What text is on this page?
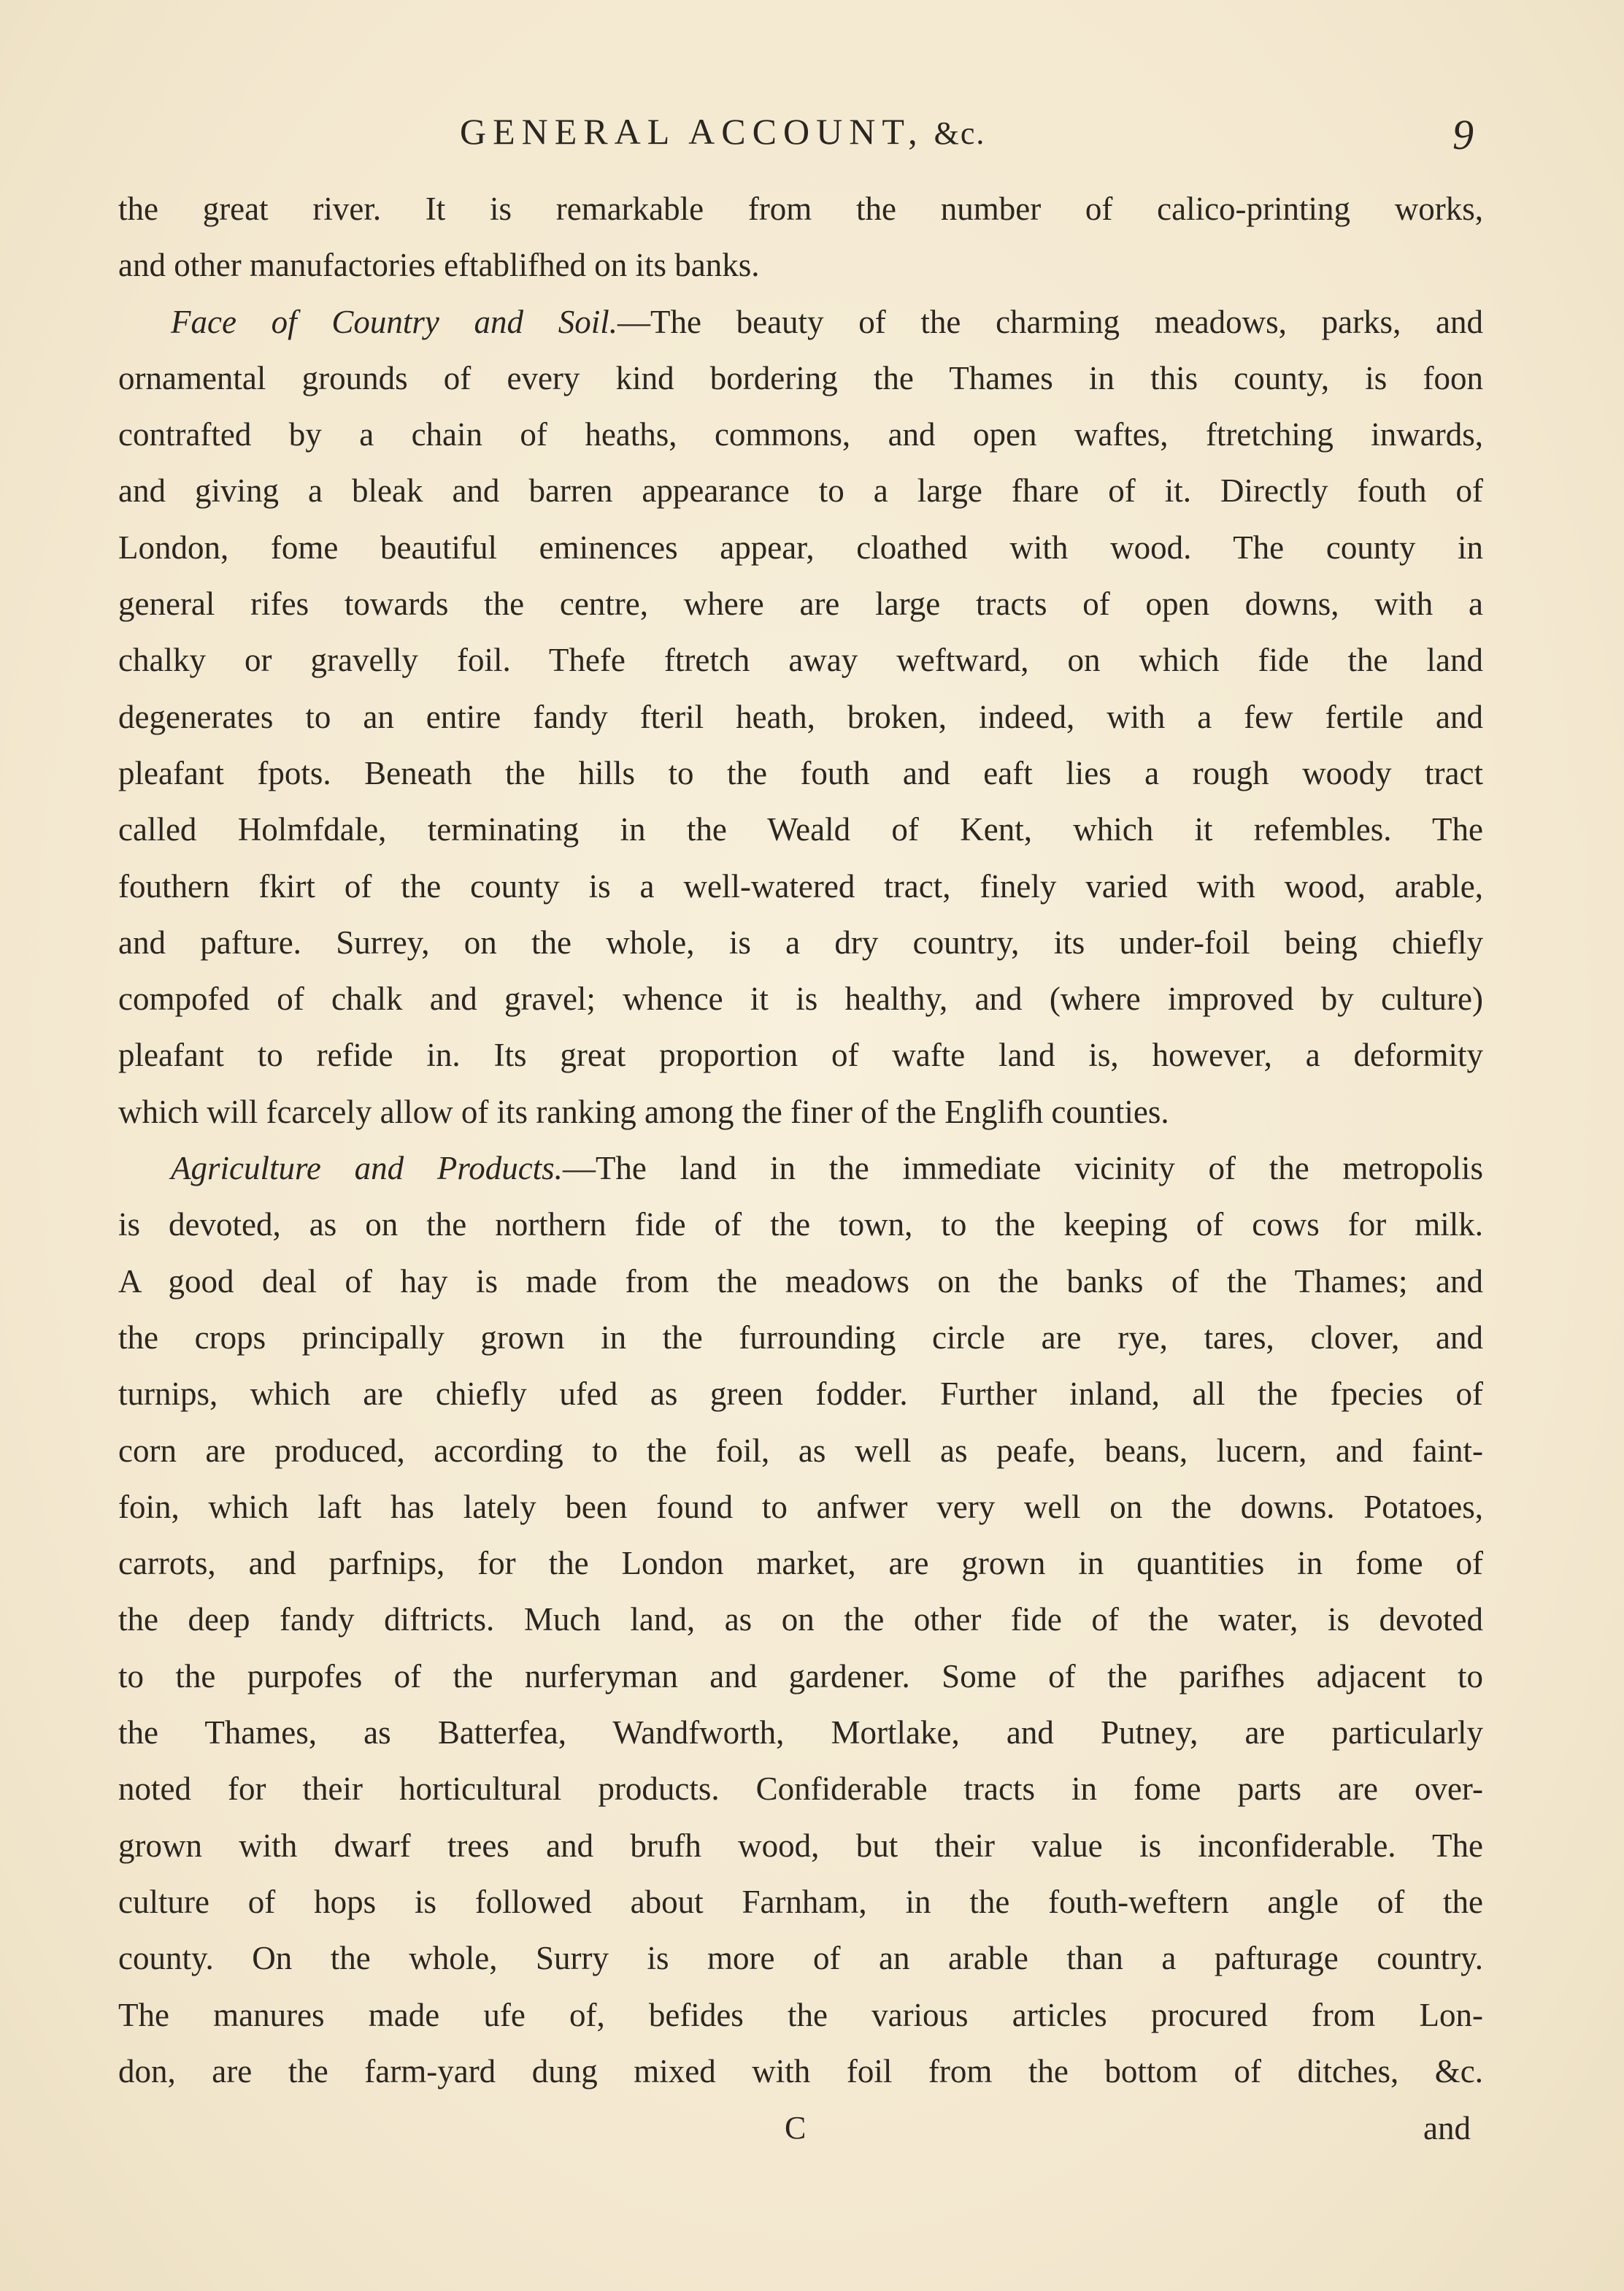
GENERAL ACCOUNT, &c.	9
the great river. It is remarkable from the number of calico-printing works,
and other manufactories eftablifhed on its banks.
Face of Country and Soil.—The beauty of the charming meadows, parks, and
ornamental grounds of every kind bordering the Thames in this county, is foon
contrafted by a chain of heaths, commons, and open waftes, ftretching inwards,
and giving a bleak and barren appearance to a large fhare of it. Directly fouth of
London, fome beautiful eminences appear, cloathed with wood. The county in
general rifes towards the centre, where are large tracts of open downs, with a
chalky or gravelly foil. Thefe ftretch away weftward, on which fide the land
degenerates to an entire fandy fteril heath, broken, indeed, with a few fertile and
pleafant fpots. Beneath the hills to the fouth and eaft lies a rough woody tract
called Holmfdale, terminating in the Weald of Kent, which it refembles. The
fouthern fkirt of the county is a well-watered tract, finely varied with wood, arable,
and pafture. Surrey, on the whole, is a dry country, its under-foil being chiefly
compofed of chalk and gravel; whence it is healthy, and (where improved by culture)
pleafant to refide in. Its great proportion of wafte land is, however, a deformity
which will fcarcely allow of its ranking among the finer of the Englifh counties.
Agriculture and Products.—The land in the immediate vicinity of the metropolis
is devoted, as on the northern fide of the town, to the keeping of cows for milk.
A good deal of hay is made from the meadows on the banks of the Thames; and
the crops principally grown in the furrounding circle are rye, tares, clover, and
turnips, which are chiefly ufed as green fodder. Further inland, all the fpecies of
corn are produced, according to the foil, as well as peafe, beans, lucern, and faint-
foin, which laft has lately been found to anfwer very well on the downs. Potatoes,
carrots, and parfnips, for the London market, are grown in quantities in fome of
the deep fandy diftricts. Much land, as on the other fide of the water, is devoted
to the purpofes of the nurferyman and gardener. Some of the parifhes adjacent to
the Thames, as Batterfea, Wandfworth, Mortlake, and Putney, are particularly
noted for their horticultural products. Confiderable tracts in fome parts are over-
grown with dwarf trees and brufh wood, but their value is inconfiderable. The
culture of hops is followed about Farnham, in the fouth-weftern angle of the
county. On the whole, Surry is more of an arable than a pafturage country.
The manures made ufe of, befides the various articles procured from Lon-
don, are the farm-yard dung mixed with foil from the bottom of ditches, &c.
C	and
